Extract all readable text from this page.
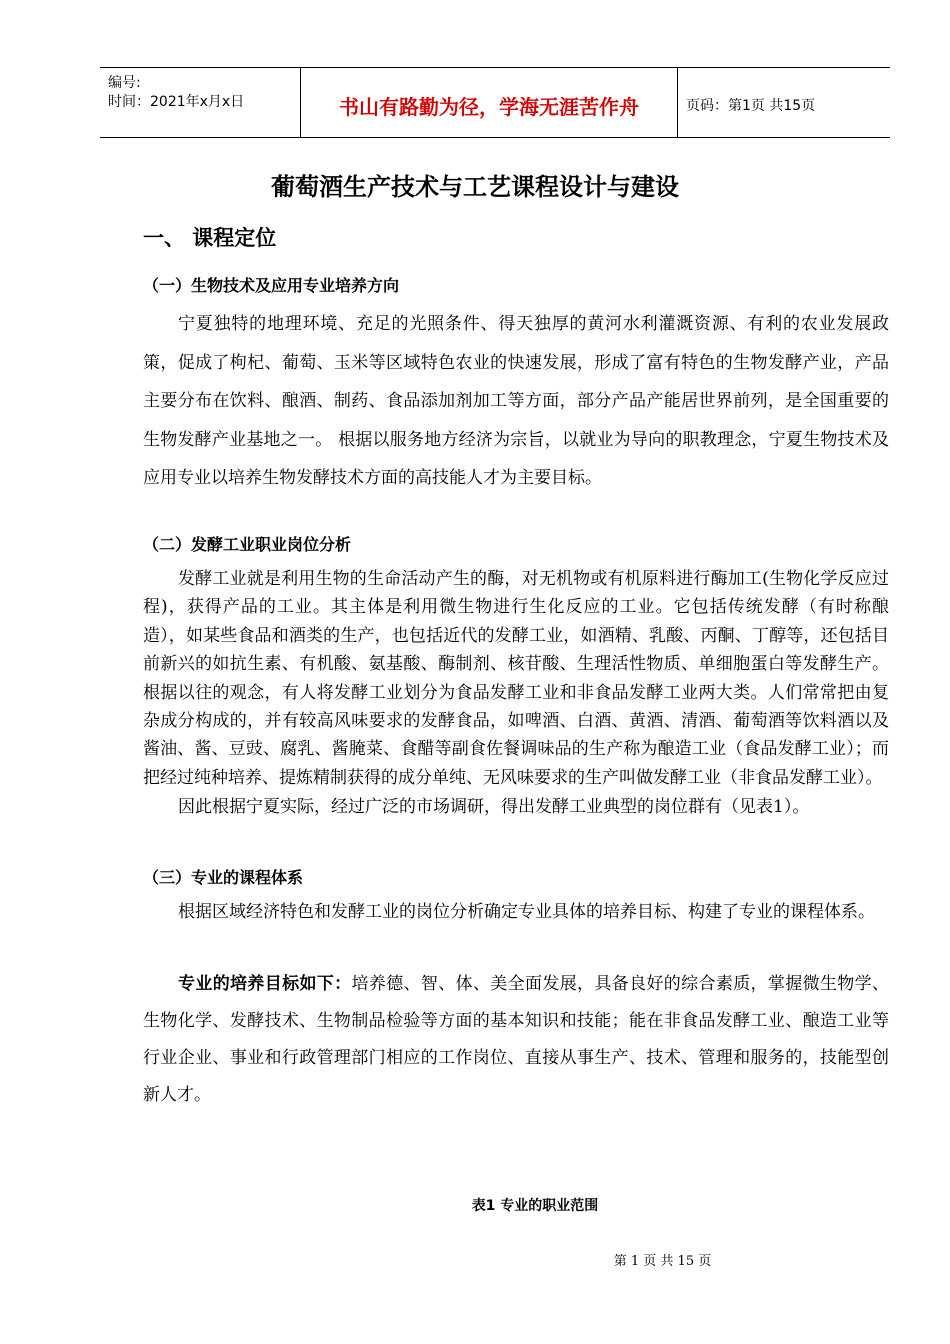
编号:
时间：2021年x月x日	书山有路勤为径，学海无涯苦作舟	页码：第1页 共15页
葡萄酒生产技术与工艺课程设计与建设
一、 课程定位
（一）生物技术及应用专业培养方向

宁夏独特的地理环境、充足的光照条件、得天独厚的黄河水利灌溉资源、有利的农业发展政策，促成了枸杞、葡萄、玉米等区域特色农业的快速发展，形成了富有特色的生物发酵产业，产品主要分布在饮料、酿酒、制药、食品添加剂加工等方面，部分产品产能居世界前列，是全国重要的生物发酵产业基地之一。 根据以服务地方经济为宗旨，以就业为导向的职教理念，宁夏生物技术及应用专业以培养生物发酵技术方面的高技能人才为主要目标。

（二）发酵工业职业岗位分析

发酵工业就是利用生物的生命活动产生的酶，对无机物或有机原料进行酶加工(生物化学反应过程)，获得产品的工业。其主体是利用微生物进行生化反应的工业。它包括传统发酵（有时称酿造），如某些食品和酒类的生产，也包括近代的发酵工业，如酒精、乳酸、丙酮、丁醇等，还包括目前新兴的如抗生素、有机酸、氨基酸、酶制剂、核苷酸、生理活性物质、单细胞蛋白等发酵生产。根据以往的观念，有人将发酵工业划分为食品发酵工业和非食品发酵工业两大类。人们常常把由复杂成分构成的，并有较高风味要求的发酵食品，如啤酒、白酒、黄酒、清酒、葡萄酒等饮料酒以及酱油、酱、豆豉、腐乳、酱腌菜、食醋等副食佐餐调味品的生产称为酿造工业（食品发酵工业）；而把经过纯种培养、提炼精制获得的成分单纯、无风味要求的生产叫做发酵工业（非食品发酵工业）。

因此根据宁夏实际，经过广泛的市场调研，得出发酵工业典型的岗位群有（见表1）。

（三）专业的课程体系

根据区域经济特色和发酵工业的岗位分析确定专业具体的培养目标、构建了专业的课程体系。

专业的培养目标如下：培养德、智、体、美全面发展，具备良好的综合素质，掌握微生物学、生物化学、发酵技术、生物制品检验等方面的基本知识和技能；能在非食品发酵工业、酿造工业等行业企业、事业和行政管理部门相应的工作岗位、直接从事生产、技术、管理和服务的，技能型创新人才。

表1 专业的职业范围
第 1 页 共 15 页
